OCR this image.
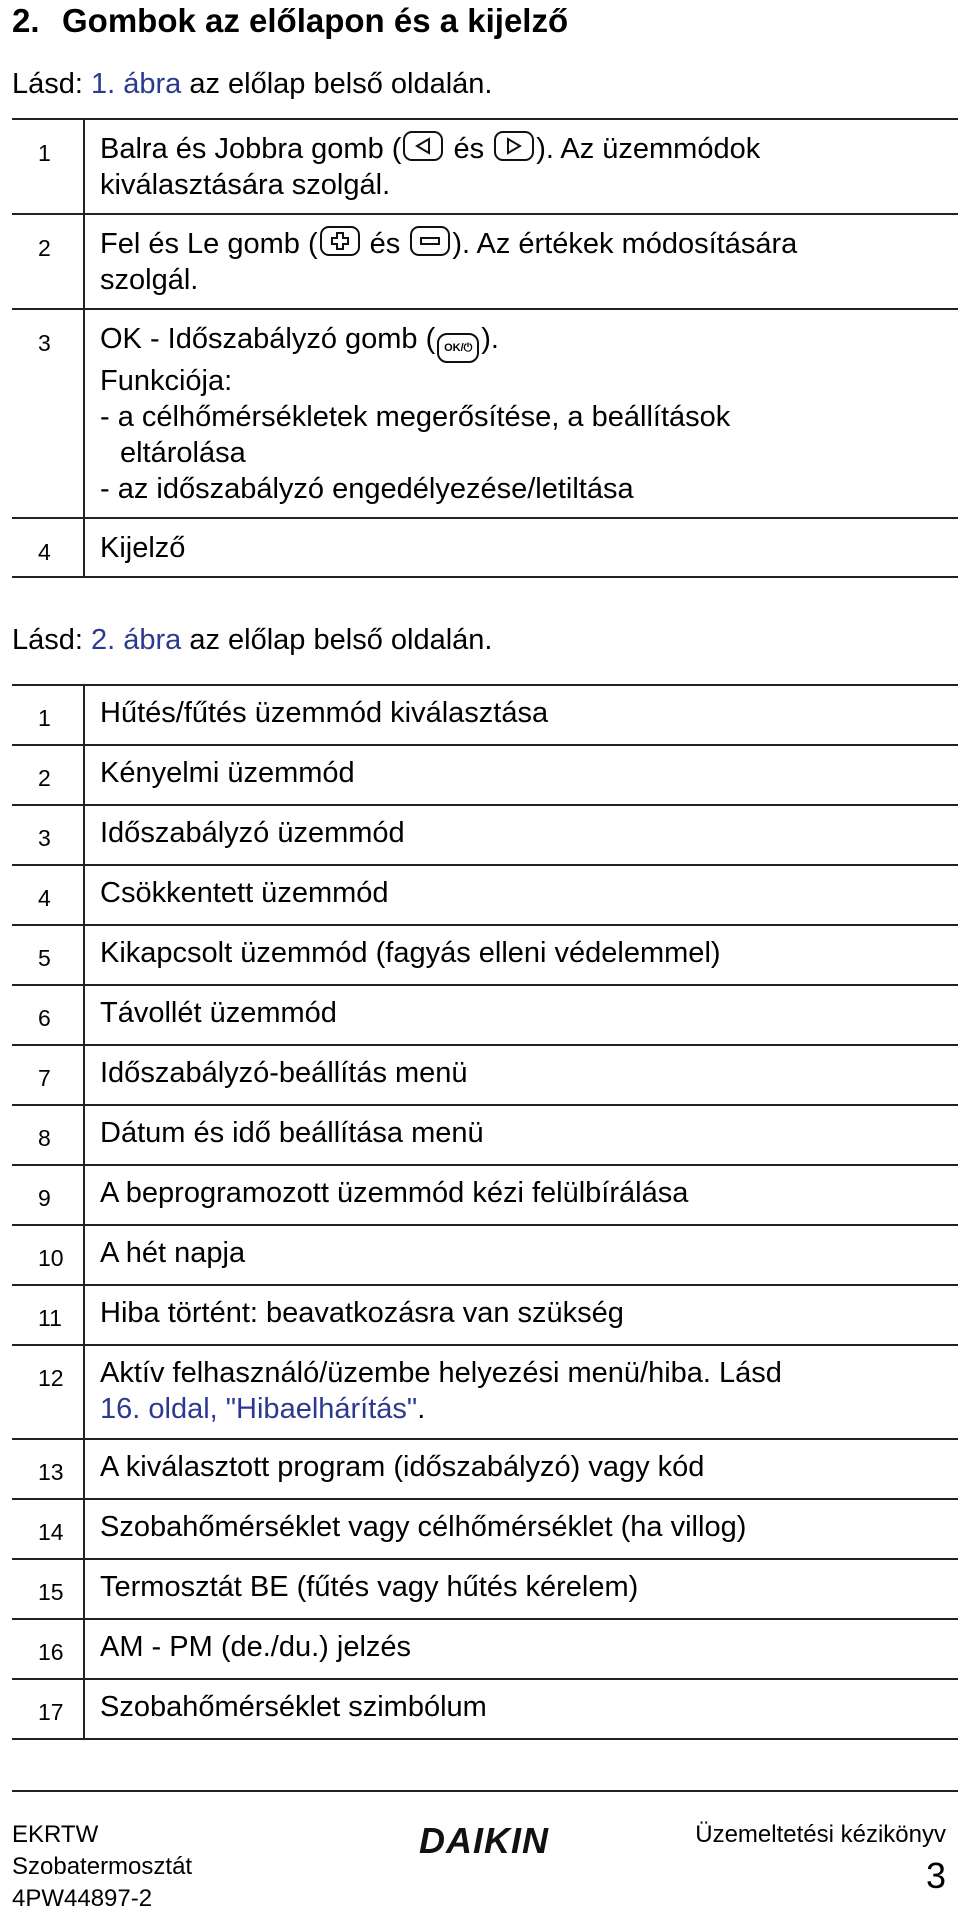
2. Gombok az előlapon és a kijelző
Lásd: 1. ábra az előlap belső oldalán.
1	Balra és Jobbra gomb (
és
). Az üzemmódok
kiválasztására szolgál.
2	Fel és Le gomb (
és
). Az értékek módosítására
szolgál.
3	OK - Időszabályzó gomb ( OK/⏻ ).
Funkciója:
- a célhőmérsékletek megerősítése, a beállítások
eltárolása
- az időszabályzó engedélyezése/letiltása
4	Kijelző
Lásd: 2. ábra az előlap belső oldalán.
1	Hűtés/fűtés üzemmód kiválasztása
2	Kényelmi üzemmód
3	Időszabályzó üzemmód
4	Csökkentett üzemmód
5	Kikapcsolt üzemmód (fagyás elleni védelemmel)
6	Távollét üzemmód
7	Időszabályzó-beállítás menü
8	Dátum és idő beállítása menü
9	A beprogramozott üzemmód kézi felülbírálása
10	A hét napja
11	Hiba történt: beavatkozásra van szükség
12	Aktív felhasználó/üzembe helyezési menü/hiba. Lásd
16. oldal, "Hibaelhárítás".
13	A kiválasztott program (időszabályzó) vagy kód
14	Szobahőmérséklet vagy célhőmérséklet (ha villog)
15	Termosztát BE (fűtés vagy hűtés kérelem)
16	AM - PM (de./du.) jelzés
17	Szobahőmérséklet szimbólum
EKRTW
Szobatermosztát
4PW44897-2
DAIKIN	Üzemeltetési kézikönyv
3
